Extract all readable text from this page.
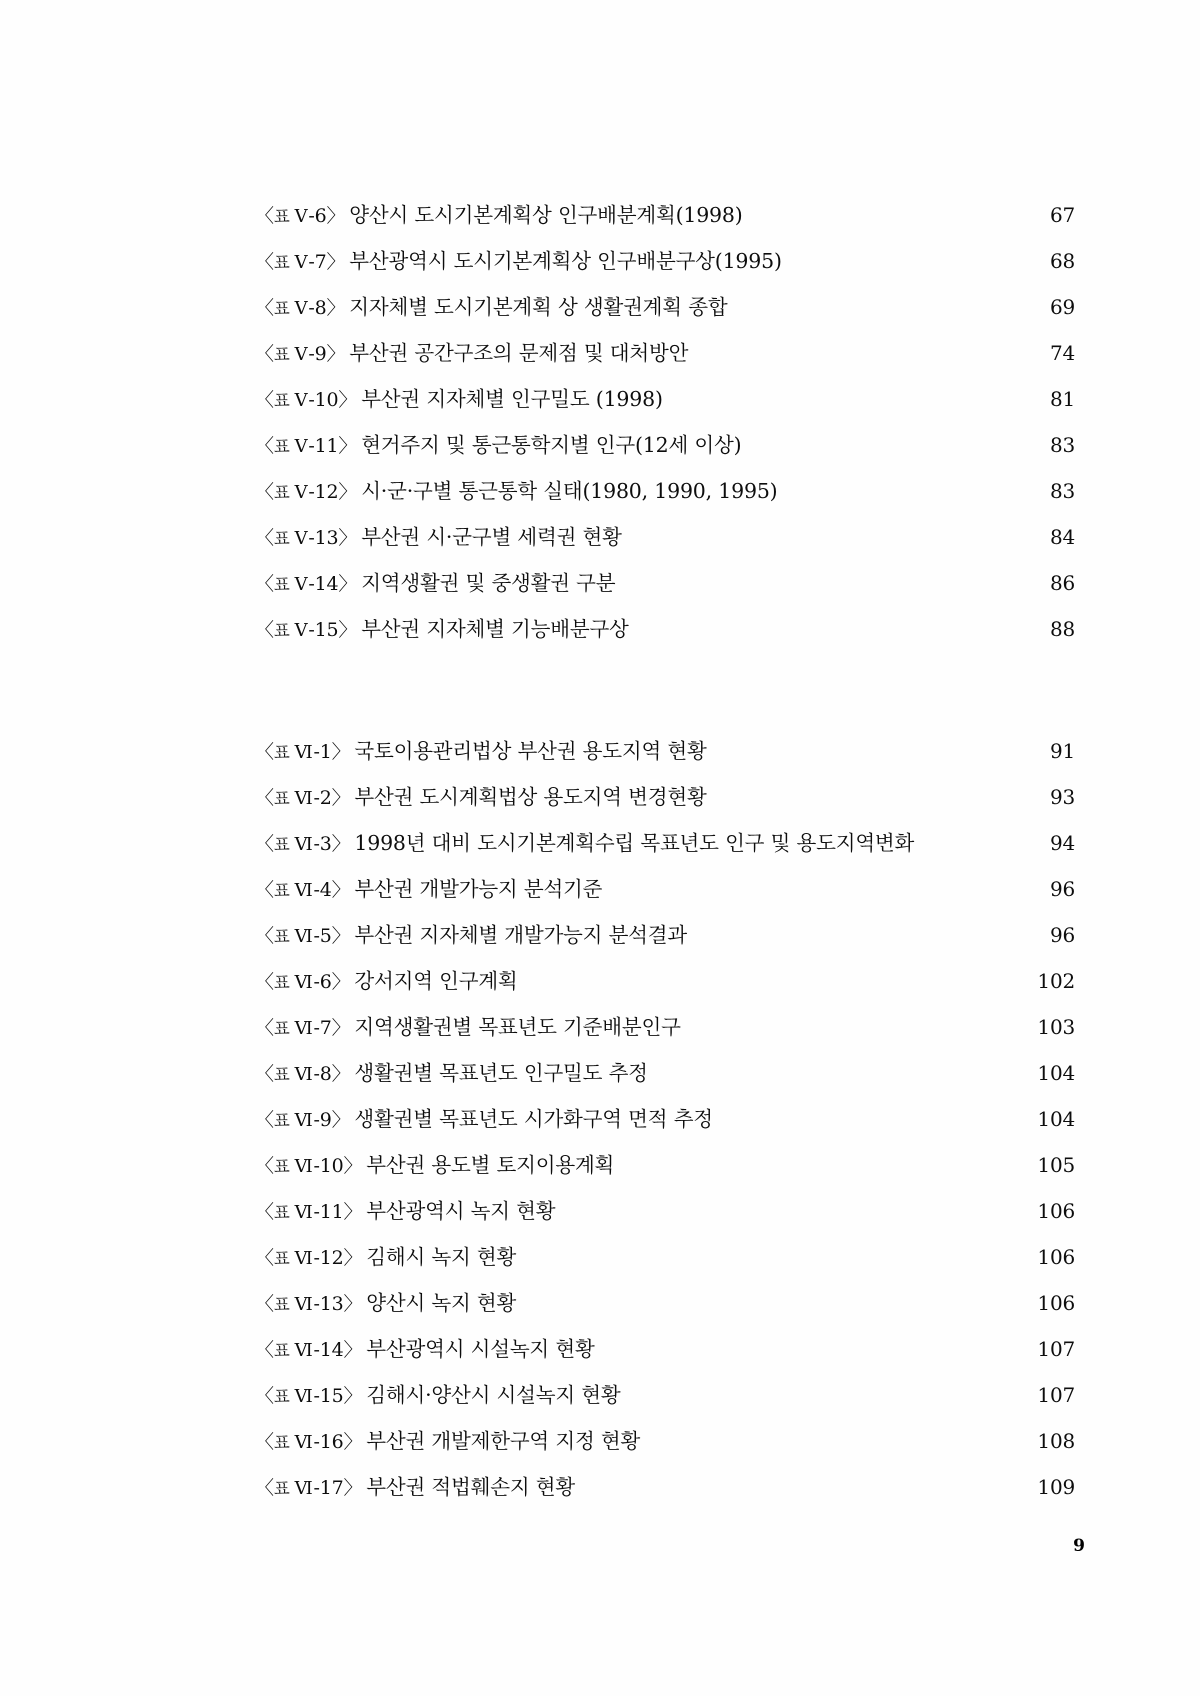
〈표 Ⅴ-6〉 양산시 도시기본계획상 인구배분계획(1998) ·····	67
〈표 Ⅴ-7〉 부산광역시 도시기본계획상 인구배분구상(1995) ·····	68
〈표 Ⅴ-8〉 지자체별 도시기본계획 상 생활권계획 종합 ·····	69
〈표 Ⅴ-9〉 부산권 공간구조의 문제점 및 대처방안 ·····	74
〈표 Ⅴ-10〉 부산권 지자체별 인구밀도 (1998) ·····	81
〈표 Ⅴ-11〉 현거주지 및 통근통학지별 인구(12세 이상) ·····	83
〈표 Ⅴ-12〉 시·군·구별 통근통학 실태(1980, 1990, 1995) ·····	83
〈표 Ⅴ-13〉 부산권 시·군구별 세력권 현황 ·····	84
〈표 Ⅴ-14〉 지역생활권 및 중생활권 구분 ·····	86
〈표 Ⅴ-15〉 부산권 지자체별 기능배분구상 ·····	88
〈표 Ⅵ-1〉 국토이용관리법상 부산권 용도지역 현황 ·····	91
〈표 Ⅵ-2〉 부산권 도시계획법상 용도지역 변경현황 ·····	93
〈표 Ⅵ-3〉 1998년 대비 도시기본계획수립 목표년도 인구 및 용도지역변화 ·····	94
〈표 Ⅵ-4〉 부산권 개발가능지 분석기준 ·····	96
〈표 Ⅵ-5〉 부산권 지자체별 개발가능지 분석결과 ·····	96
〈표 Ⅵ-6〉 강서지역 인구계획 ·····	102
〈표 Ⅵ-7〉 지역생활권별 목표년도 기준배분인구 ·····	103
〈표 Ⅵ-8〉 생활권별 목표년도 인구밀도 추정 ·····	104
〈표 Ⅵ-9〉 생활권별 목표년도 시가화구역 면적 추정 ·····	104
〈표 Ⅵ-10〉 부산권 용도별 토지이용계획 ·····	105
〈표 Ⅵ-11〉 부산광역시 녹지 현황 ·····	106
〈표 Ⅵ-12〉 김해시 녹지 현황 ·····	106
〈표 Ⅵ-13〉 양산시 녹지 현황 ·····	106
〈표 Ⅵ-14〉 부산광역시 시설녹지 현황 ·····	107
〈표 Ⅵ-15〉 김해시·양산시 시설녹지 현황 ·····	107
〈표 Ⅵ-16〉 부산권 개발제한구역 지정 현황 ·····	108
〈표 Ⅵ-17〉 부산권 적법훼손지 현황 ·····	109
9
